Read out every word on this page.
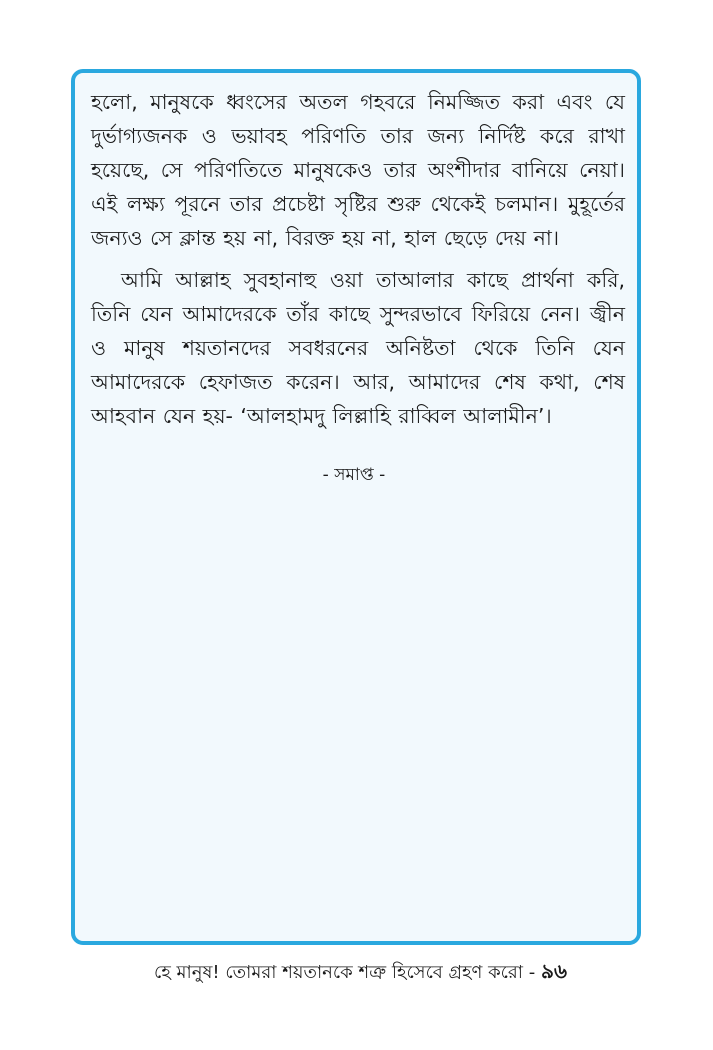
হলো, মানুষকে ধ্বংসের অতল গহবরে নিমজ্জিত করা এবং যে দুর্ভাগ্যজনক ও ভয়াবহ পরিণতি তার জন্য নির্দিষ্ট করে রাখা হয়েছে, সে পরিণতিতে মানুষকেও তার অংশীদার বানিয়ে নেয়া। এই লক্ষ্য পূরনে তার প্রচেষ্টা সৃষ্টির শুরু থেকেই চলমান। মুহূর্তের জন্যও সে ক্লান্ত হয় না, বিরক্ত হয় না, হাল ছেড়ে দেয় না।

আমি আল্লাহ সুবহানাহু ওয়া তাআলার কাছে প্রার্থনা করি, তিনি যেন আমাদেরকে তাঁর কাছে সুন্দরভাবে ফিরিয়ে নেন। জ্বীন ও মানুষ শয়তানদের সবধরনের অনিষ্টতা থেকে তিনি যেন আমাদেরকে হেফাজত করেন। আর, আমাদের শেষ কথা, শেষ আহবান যেন হয়- ‘আলহামদু লিল্লাহি রাব্বিল আলামীন’।

- সমাপ্ত -
হে মানুষ! তোমরা শয়তানকে শত্রু হিসেবে গ্রহণ করো - ৯৬
